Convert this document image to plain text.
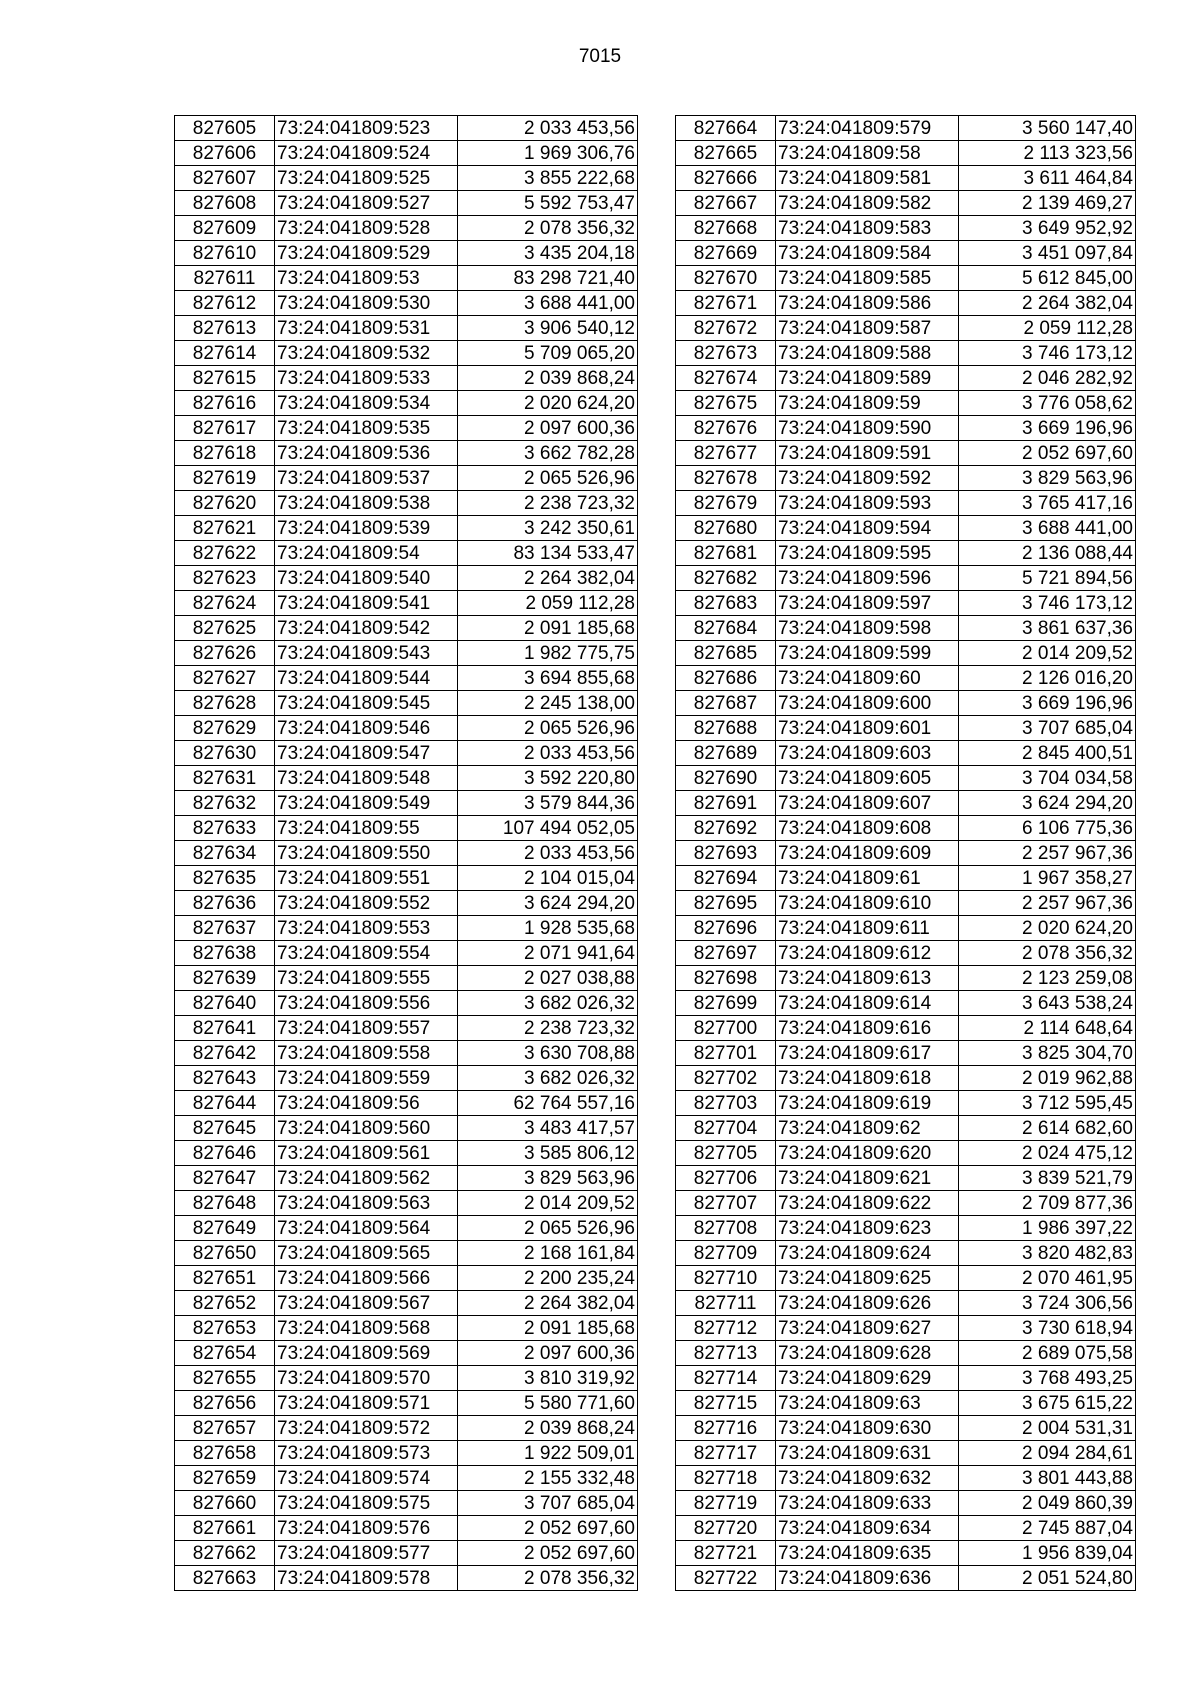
7015
827605	73:24:041809:523	2 033 453,56
827606	73:24:041809:524	1 969 306,76
827607	73:24:041809:525	3 855 222,68
827608	73:24:041809:527	5 592 753,47
827609	73:24:041809:528	2 078 356,32
827610	73:24:041809:529	3 435 204,18
827611	73:24:041809:53	83 298 721,40
827612	73:24:041809:530	3 688 441,00
827613	73:24:041809:531	3 906 540,12
827614	73:24:041809:532	5 709 065,20
827615	73:24:041809:533	2 039 868,24
827616	73:24:041809:534	2 020 624,20
827617	73:24:041809:535	2 097 600,36
827618	73:24:041809:536	3 662 782,28
827619	73:24:041809:537	2 065 526,96
827620	73:24:041809:538	2 238 723,32
827621	73:24:041809:539	3 242 350,61
827622	73:24:041809:54	83 134 533,47
827623	73:24:041809:540	2 264 382,04
827624	73:24:041809:541	2 059 112,28
827625	73:24:041809:542	2 091 185,68
827626	73:24:041809:543	1 982 775,75
827627	73:24:041809:544	3 694 855,68
827628	73:24:041809:545	2 245 138,00
827629	73:24:041809:546	2 065 526,96
827630	73:24:041809:547	2 033 453,56
827631	73:24:041809:548	3 592 220,80
827632	73:24:041809:549	3 579 844,36
827633	73:24:041809:55	107 494 052,05
827634	73:24:041809:550	2 033 453,56
827635	73:24:041809:551	2 104 015,04
827636	73:24:041809:552	3 624 294,20
827637	73:24:041809:553	1 928 535,68
827638	73:24:041809:554	2 071 941,64
827639	73:24:041809:555	2 027 038,88
827640	73:24:041809:556	3 682 026,32
827641	73:24:041809:557	2 238 723,32
827642	73:24:041809:558	3 630 708,88
827643	73:24:041809:559	3 682 026,32
827644	73:24:041809:56	62 764 557,16
827645	73:24:041809:560	3 483 417,57
827646	73:24:041809:561	3 585 806,12
827647	73:24:041809:562	3 829 563,96
827648	73:24:041809:563	2 014 209,52
827649	73:24:041809:564	2 065 526,96
827650	73:24:041809:565	2 168 161,84
827651	73:24:041809:566	2 200 235,24
827652	73:24:041809:567	2 264 382,04
827653	73:24:041809:568	2 091 185,68
827654	73:24:041809:569	2 097 600,36
827655	73:24:041809:570	3 810 319,92
827656	73:24:041809:571	5 580 771,60
827657	73:24:041809:572	2 039 868,24
827658	73:24:041809:573	1 922 509,01
827659	73:24:041809:574	2 155 332,48
827660	73:24:041809:575	3 707 685,04
827661	73:24:041809:576	2 052 697,60
827662	73:24:041809:577	2 052 697,60
827663	73:24:041809:578	2 078 356,32
827664	73:24:041809:579	3 560 147,40
827665	73:24:041809:58	2 113 323,56
827666	73:24:041809:581	3 611 464,84
827667	73:24:041809:582	2 139 469,27
827668	73:24:041809:583	3 649 952,92
827669	73:24:041809:584	3 451 097,84
827670	73:24:041809:585	5 612 845,00
827671	73:24:041809:586	2 264 382,04
827672	73:24:041809:587	2 059 112,28
827673	73:24:041809:588	3 746 173,12
827674	73:24:041809:589	2 046 282,92
827675	73:24:041809:59	3 776 058,62
827676	73:24:041809:590	3 669 196,96
827677	73:24:041809:591	2 052 697,60
827678	73:24:041809:592	3 829 563,96
827679	73:24:041809:593	3 765 417,16
827680	73:24:041809:594	3 688 441,00
827681	73:24:041809:595	2 136 088,44
827682	73:24:041809:596	5 721 894,56
827683	73:24:041809:597	3 746 173,12
827684	73:24:041809:598	3 861 637,36
827685	73:24:041809:599	2 014 209,52
827686	73:24:041809:60	2 126 016,20
827687	73:24:041809:600	3 669 196,96
827688	73:24:041809:601	3 707 685,04
827689	73:24:041809:603	2 845 400,51
827690	73:24:041809:605	3 704 034,58
827691	73:24:041809:607	3 624 294,20
827692	73:24:041809:608	6 106 775,36
827693	73:24:041809:609	2 257 967,36
827694	73:24:041809:61	1 967 358,27
827695	73:24:041809:610	2 257 967,36
827696	73:24:041809:611	2 020 624,20
827697	73:24:041809:612	2 078 356,32
827698	73:24:041809:613	2 123 259,08
827699	73:24:041809:614	3 643 538,24
827700	73:24:041809:616	2 114 648,64
827701	73:24:041809:617	3 825 304,70
827702	73:24:041809:618	2 019 962,88
827703	73:24:041809:619	3 712 595,45
827704	73:24:041809:62	2 614 682,60
827705	73:24:041809:620	2 024 475,12
827706	73:24:041809:621	3 839 521,79
827707	73:24:041809:622	2 709 877,36
827708	73:24:041809:623	1 986 397,22
827709	73:24:041809:624	3 820 482,83
827710	73:24:041809:625	2 070 461,95
827711	73:24:041809:626	3 724 306,56
827712	73:24:041809:627	3 730 618,94
827713	73:24:041809:628	2 689 075,58
827714	73:24:041809:629	3 768 493,25
827715	73:24:041809:63	3 675 615,22
827716	73:24:041809:630	2 004 531,31
827717	73:24:041809:631	2 094 284,61
827718	73:24:041809:632	3 801 443,88
827719	73:24:041809:633	2 049 860,39
827720	73:24:041809:634	2 745 887,04
827721	73:24:041809:635	1 956 839,04
827722	73:24:041809:636	2 051 524,80
